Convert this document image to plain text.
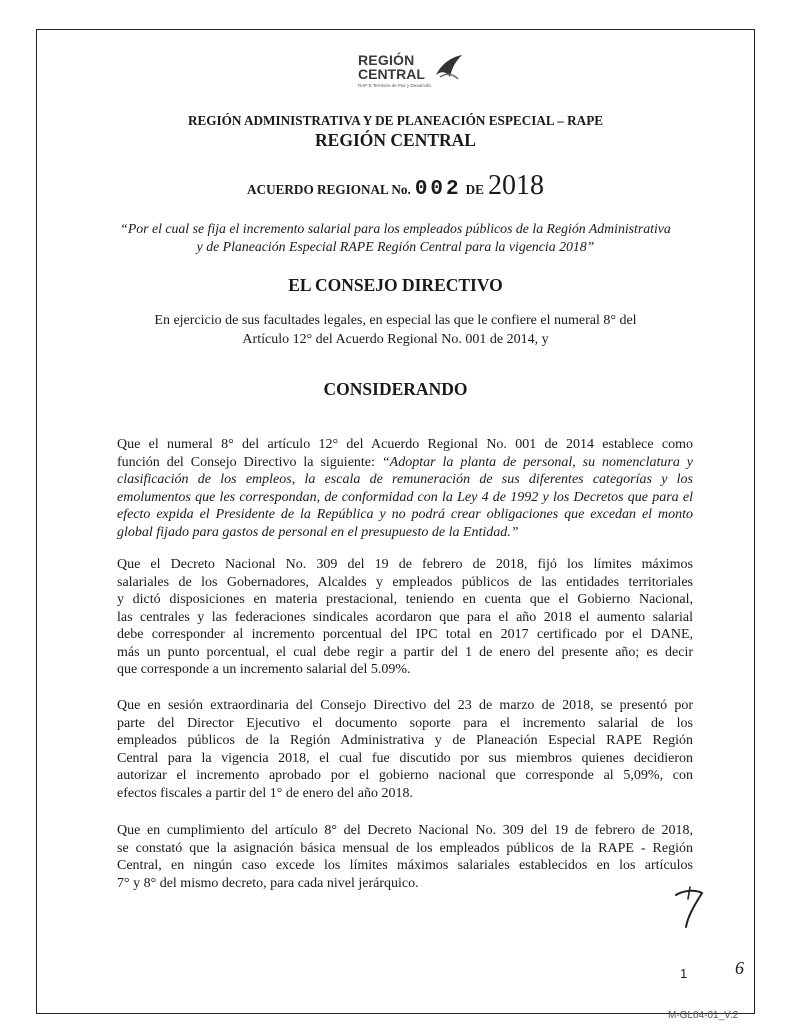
REGIÓN
CENTRAL
RAP-E Territorio de Paz y Desarrollo
REGIÓN ADMINISTRATIVA Y DE PLANEACIÓN ESPECIAL – RAPE
REGIÓN CENTRAL
ACUERDO REGIONAL No. 002 DE 2018
“Por el cual se fija el incremento salarial para los empleados públicos de la Región Administrativa
y de Planeación Especial RAPE Región Central para la vigencia 2018”
EL CONSEJO DIRECTIVO
En ejercicio de sus facultades legales, en especial las que le confiere el numeral 8° del
Artículo 12° del Acuerdo Regional No. 001 de 2014, y
CONSIDERANDO
Que el numeral 8° del artículo 12° del Acuerdo Regional No. 001 de 2014 establece como
función del Consejo Directivo la siguiente: “Adoptar la planta de personal, su nomenclatura y
clasificación de los empleos, la escala de remuneración de sus diferentes categorías y los
emolumentos que les correspondan, de conformidad con la Ley 4 de 1992 y los Decretos que para el
efecto expida el Presidente de la República y no podrá crear obligaciones que excedan el monto
global fijado para gastos de personal en el presupuesto de la Entidad.”
Que el Decreto Nacional No. 309 del 19 de febrero de 2018, fijó los límites máximos
salariales de los Gobernadores, Alcaldes y empleados públicos de las entidades territoriales
y dictó disposiciones en materia prestacional, teniendo en cuenta que el Gobierno Nacional,
las centrales y las federaciones sindicales acordaron que para el año 2018 el aumento salarial
debe corresponder al incremento porcentual del IPC total en 2017 certificado por el DANE,
más un punto porcentual, el cual debe regir a partir del 1 de enero del presente año; es decir
que corresponde a un incremento salarial del 5.09%.
Que en sesión extraordinaria del Consejo Directivo del 23 de marzo de 2018, se presentó por
parte del Director Ejecutivo el documento soporte para el incremento salarial de los
empleados públicos de la Región Administrativa y de Planeación Especial RAPE Región
Central para la vigencia 2018, el cual fue discutido por sus miembros quienes decidieron
autorizar el incremento aprobado por el gobierno nacional que corresponde al 5,09%, con
efectos fiscales a partir del 1° de enero del año 2018.
Que en cumplimiento del artículo 8° del Decreto Nacional No. 309 del 19 de febrero de 2018,
se constató que la asignación básica mensual de los empleados públicos de la RAPE - Región
Central, en ningún caso excede los límites máximos salariales establecidos en los artículos
7° y 8° del mismo decreto, para cada nivel jerárquico.
1	6
M-GL04-01_V.2
